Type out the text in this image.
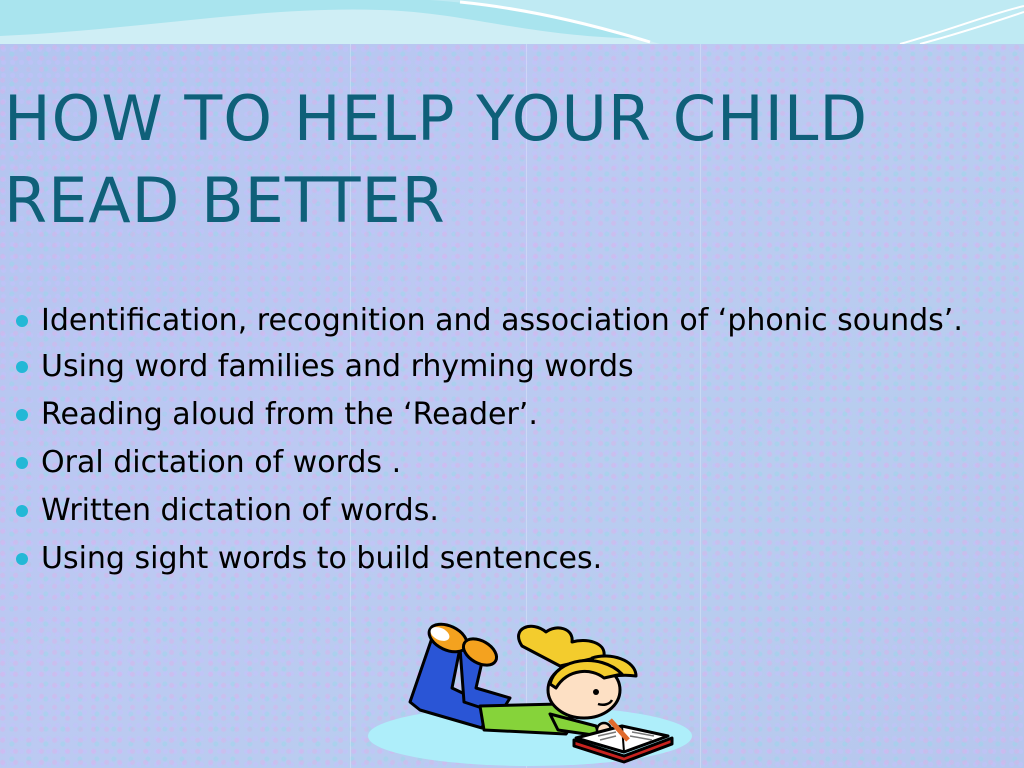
HOW TO HELP YOUR CHILD
READ BETTER
Identification, recognition and association of ‘phonic sounds’.
Using word families and rhyming words
Reading aloud from the ‘Reader’.
Oral dictation of words .
Written dictation of words.
Using sight words to build sentences.
